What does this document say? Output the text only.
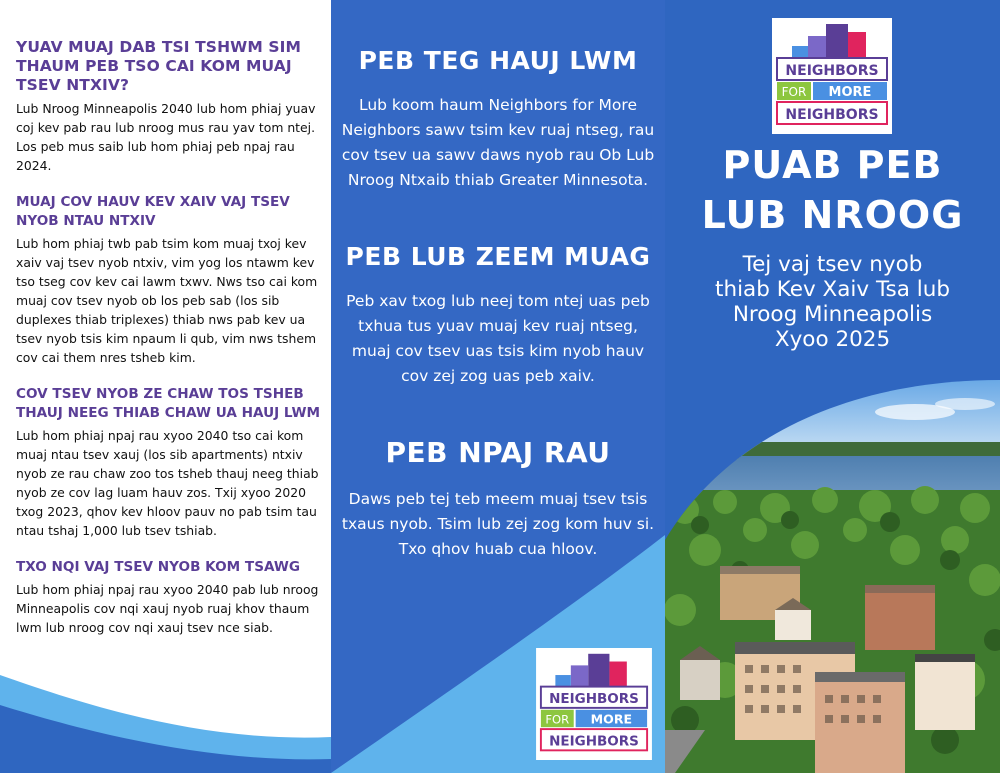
YUAV MUAJ DAB TSI TSHWM SIM THAUM PEB TSO CAI KOM MUAJ TSEV NTXIV?
Lub Nroog Minneapolis 2040 lub hom phiaj yuav coj kev pab rau lub nroog mus rau yav tom ntej. Los peb mus saib lub hom phiaj peb npaj rau 2024.
MUAJ COV HAUV KEV XAIV VAJ TSEV NYOB NTAU NTXIV
Lub hom phiaj twb pab tsim kom muaj txoj kev xaiv vaj tsev nyob ntxiv, vim yog los ntawm kev tso tseg cov kev cai lawm txwv. Nws tso cai kom muaj cov tsev nyob ob los peb sab (los sib duplexes thiab triplexes) thiab nws pab kev ua tsev nyob tsis kim npaum li qub, vim nws tshem cov cai them nres tsheb kim.
COV TSEV NYOB ZE CHAW TOS TSHEB THAUJ NEEG THIAB CHAW UA HAUJ LWM
Lub hom phiaj npaj rau xyoo 2040 tso cai kom muaj ntau tsev xauj (los sib apartments) ntxiv nyob ze rau chaw zoo tos tsheb thauj neeg thiab nyob ze cov lag luam hauv zos. Txij xyoo 2020 txog 2023, qhov kev hloov pauv no pab tsim tau ntau tshaj 1,000 lub tsev tshiab.
TXO NQI VAJ TSEV NYOB KOM TSAWG
Lub hom phiaj npaj rau xyoo 2040 pab lub nroog Minneapolis cov nqi xauj nyob ruaj khov thaum lwm lub nroog cov nqi xauj tsev nce siab.
PEB TEG HAUJ LWM
Lub koom haum Neighbors for More Neighbors sawv tsim kev ruaj ntseg, rau cov tsev ua sawv daws nyob rau Ob Lub Nroog Ntxaib thiab Greater Minnesota.
PEB LUB ZEEM MUAG
Peb xav txog lub neej tom ntej uas peb txhua tus yuav muaj kev ruaj ntseg, muaj cov tsev uas tsis kim nyob hauv cov zej zog uas peb xaiv.
PEB NPAJ RAU
Daws peb tej teb meem muaj tsev tsis txaus nyob. Tsim lub zej zog kom huv si. Txo qhov huab cua hloov.
NEIGHBORS
FOR MORE
NEIGHBORS
NEIGHBORS
FOR MORE
NEIGHBORS
PUAB PEB
LUB NROOG
Tej vaj tsev nyob
thiab Kev Xaiv Tsa lub
Nroog Minneapolis
Xyoo 2025
